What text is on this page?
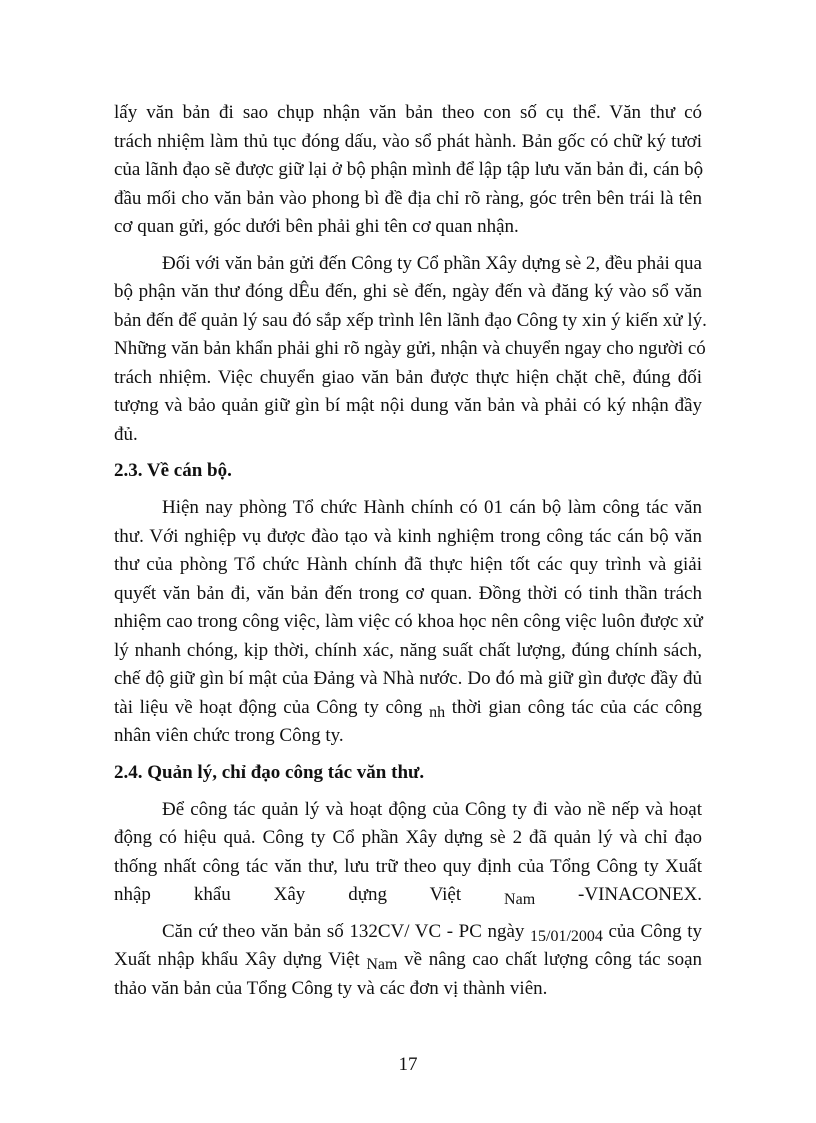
lấy văn bản đi sao chụp nhận văn bản theo con số cụ thể. Văn thư có
trách nhiệm làm thủ tục đóng dấu, vào sổ phát hành. Bản gốc có chữ ký tươi
của lãnh đạo sẽ được giữ lại ở bộ phận mình để lập tập lưu văn bản đi, cán bộ
đầu mối cho văn bản vào phong bì đề địa chỉ rõ ràng, góc trên bên trái là tên
cơ quan gửi, góc dưới bên phải ghi tên cơ quan nhận.
Đối với văn bản gửi đến Công ty Cổ phần Xây dựng sè 2, đều phải qua
bộ phận văn thư đóng dÊu đến, ghi sè đến, ngày đến và đăng ký vào sổ văn
bản đến để quản lý sau đó sắp xếp trình lên lãnh đạo Công ty xin ý kiến xử lý.
Những văn bản khẩn phải ghi rõ ngày gửi, nhận và chuyển ngay cho người có
trách nhiệm. Việc chuyển giao văn bản được thực hiện chặt chẽ, đúng đối
tượng và bảo quản giữ gìn bí mật nội dung văn bản và phải có ký nhận đầy
đủ.
2.3. Về cán bộ.
Hiện nay phòng Tổ chức Hành chính có 01 cán bộ làm công tác văn
thư. Với nghiệp vụ được đào tạo và kinh nghiệm trong công tác cán bộ văn
thư của phòng Tổ chức Hành chính đã thực hiện tốt các quy trình và giải
quyết văn bản đi, văn bản đến trong cơ quan. Đồng thời có tinh thần trách
nhiệm cao trong công việc, làm việc có khoa học nên công việc luôn được xử
lý nhanh chóng, kịp thời, chính xác, năng suất chất lượng, đúng chính sách,
chế độ giữ gìn bí mật của Đảng và Nhà nước. Do đó mà giữ gìn được đầy đủ
tài liệu về hoạt động của Công ty công $_{nh}$ thời gian công tác của các công
nhân viên chức trong Công ty.
2.4. Quản lý, chỉ đạo công tác văn thư.
Để công tác quản lý và hoạt động của Công ty đi vào nề nếp và hoạt
động có hiệu quả. Công ty Cổ phần Xây dựng sè 2 đã quản lý và chỉ đạo
thống nhất công tác văn thư, lưu trữ theo quy định của Tổng Công ty Xuất
nhập khẩu Xây dựng Việt	$_{Nam}$ -VINACONEX.
Căn cứ theo văn bản số 132CV/ VC - PC ngày $_{15/01/2004}$ của Công ty
Xuất nhập khẩu Xây dựng Việt $_{Nam}$ về nâng cao chất lượng công tác soạn
thảo văn bản của Tổng Công ty và các đơn vị thành viên.
17
